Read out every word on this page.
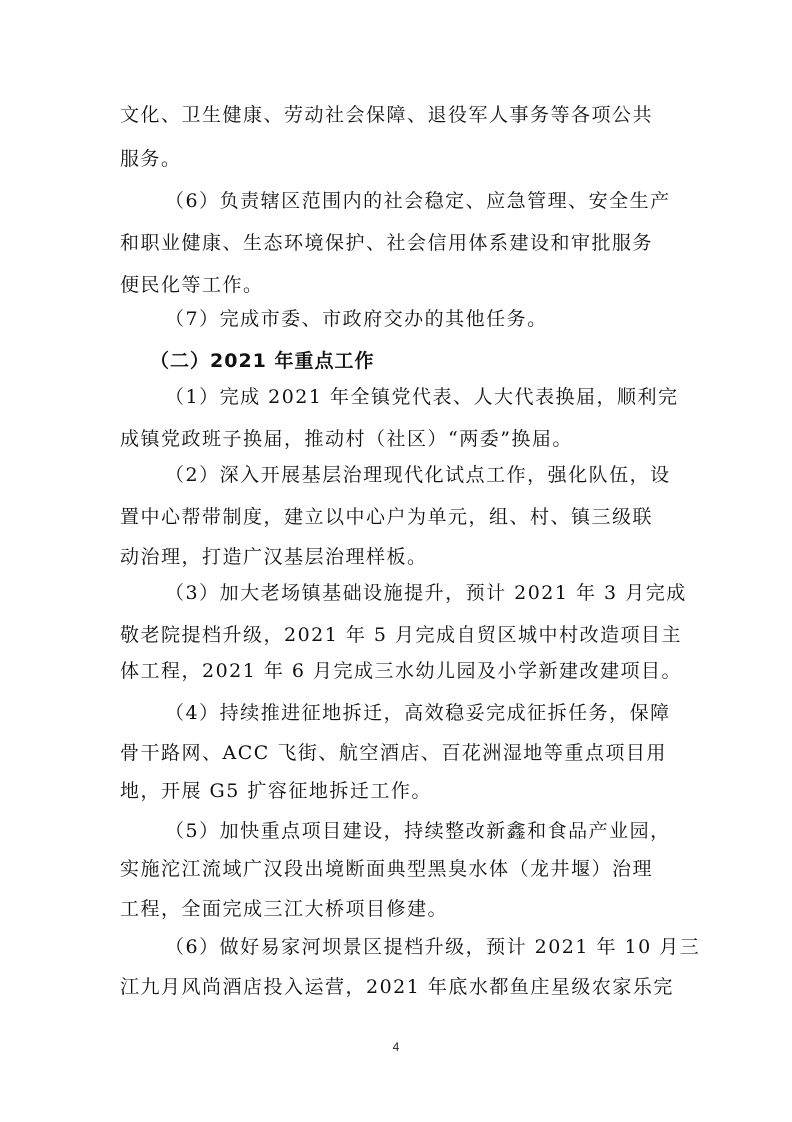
文化、卫生健康、劳动社会保障、退役军人事务等各项公共
服务。
（6）负责辖区范围内的社会稳定、应急管理、安全生产
和职业健康、生态环境保护、社会信用体系建设和审批服务
便民化等工作。
（7）完成市委、市政府交办的其他任务。
（二）2021 年重点工作
（1）完成 2021 年全镇党代表、人大代表换届，顺利完
成镇党政班子换届，推动村（社区）“两委”换届。
（2）深入开展基层治理现代化试点工作，强化队伍，设
置中心帮带制度，建立以中心户为单元，组、村、镇三级联
动治理，打造广汉基层治理样板。
（3）加大老场镇基础设施提升，预计 2021 年 3 月完成
敬老院提档升级，2021 年 5 月完成自贸区城中村改造项目主
体工程，2021 年 6 月完成三水幼儿园及小学新建改建项目。
（4）持续推进征地拆迁，高效稳妥完成征拆任务，保障
骨干路网、ACC 飞街、航空酒店、百花洲湿地等重点项目用
地，开展 G5 扩容征地拆迁工作。
（5）加快重点项目建设，持续整改新鑫和食品产业园，
实施沱江流域广汉段出境断面典型黑臭水体（龙井堰）治理
工程，全面完成三江大桥项目修建。
（6）做好易家河坝景区提档升级，预计 2021 年 10 月三
江九月风尚酒店投入运营，2021 年底水都鱼庄星级农家乐完
4
